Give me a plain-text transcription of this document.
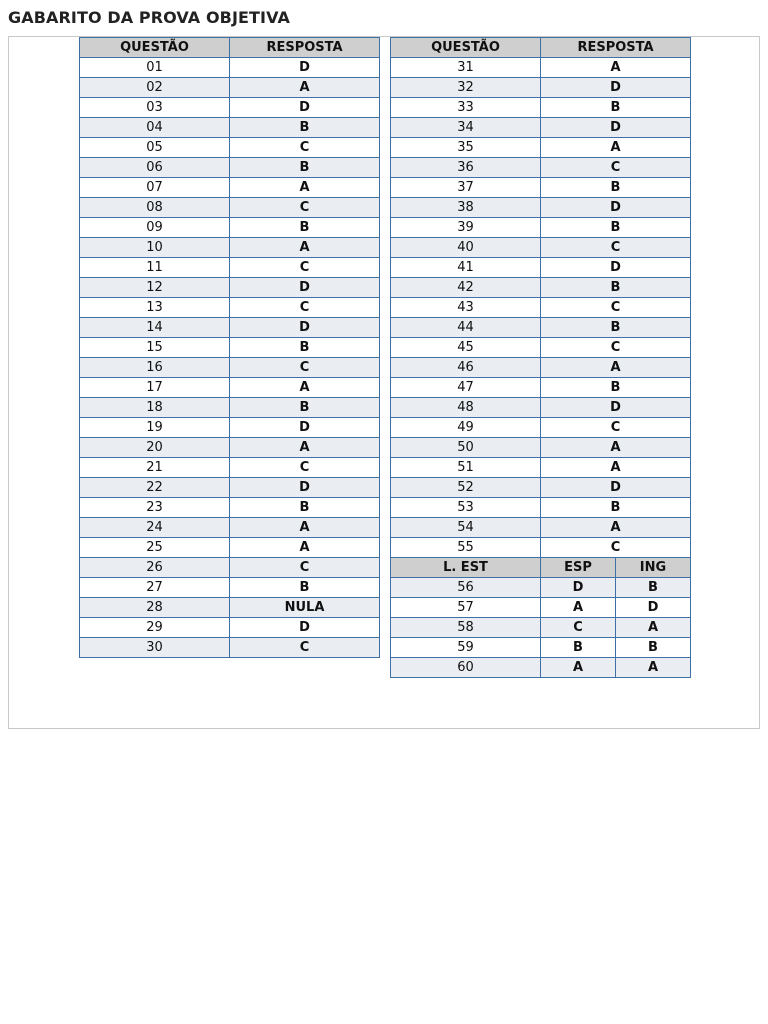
GABARITO DA PROVA OBJETIVA
QUESTÃO	RESPOSTA
01	D
02	A
03	D
04	B
05	C
06	B
07	A
08	C
09	B
10	A
11	C
12	D
13	C
14	D
15	B
16	C
17	A
18	B
19	D
20	A
21	C
22	D
23	B
24	A
25	A
26	C
27	B
28	NULA
29	D
30	C
QUESTÃO	RESPOSTA	
31	A	
32	D	
33	B	
34	D	
35	A	
36	C	
37	B	
38	D	
39	B	
40	C	
41	D	
42	B	
43	C	
44	B	
45	C	
46	A	
47	B	
48	D	
49	C	
50	A	
51	A	
52	D	
53	B	
54	A	
55	C	
L. EST	ESP	ING
56	D	B
57	A	D
58	C	A
59	B	B
60	A	A
